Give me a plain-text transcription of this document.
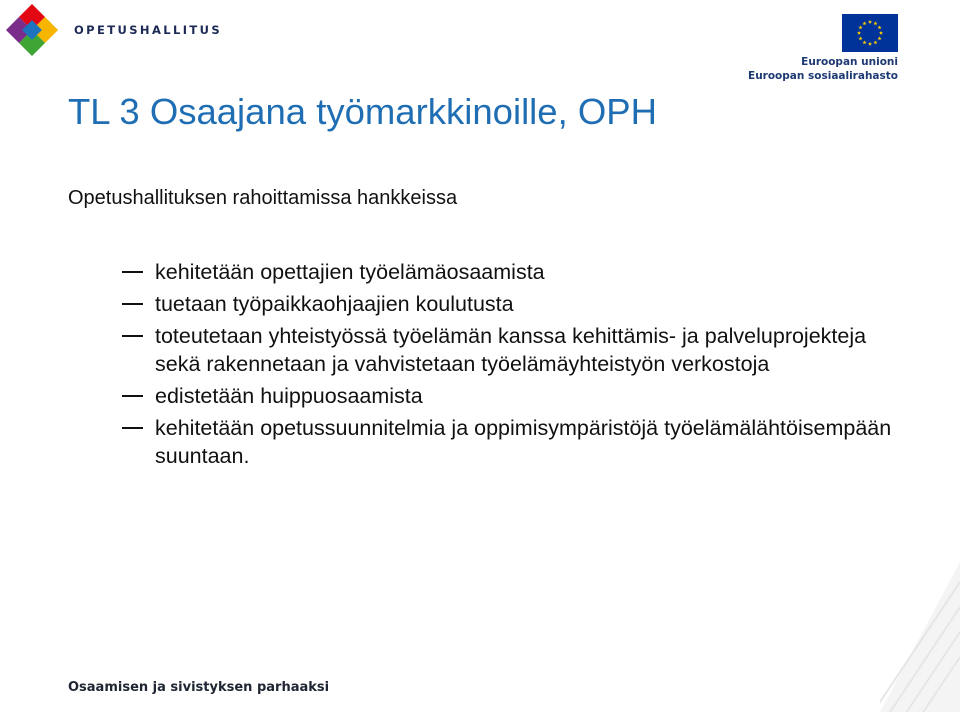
OPETUSHALLITUS
Euroopan unioni
Euroopan sosiaalirahasto
TL 3 Osaajana työmarkkinoille, OPH

Opetushallituksen rahoittamissa hankkeissa

kehitetään opettajien työelämäosaamista
tuetaan työpaikkaohjaajien koulutusta
toteutetaan yhteistyössä työelämän kanssa kehittämis- ja palveluprojekteja sekä rakennetaan ja vahvistetaan työelämäyhteistyön verkostoja
edistetään huippuosaamista
kehitetään opetussuunnitelmia ja oppimisympäristöjä työelämälähtöisempään suuntaan.

Osaamisen ja sivistyksen parhaaksi
